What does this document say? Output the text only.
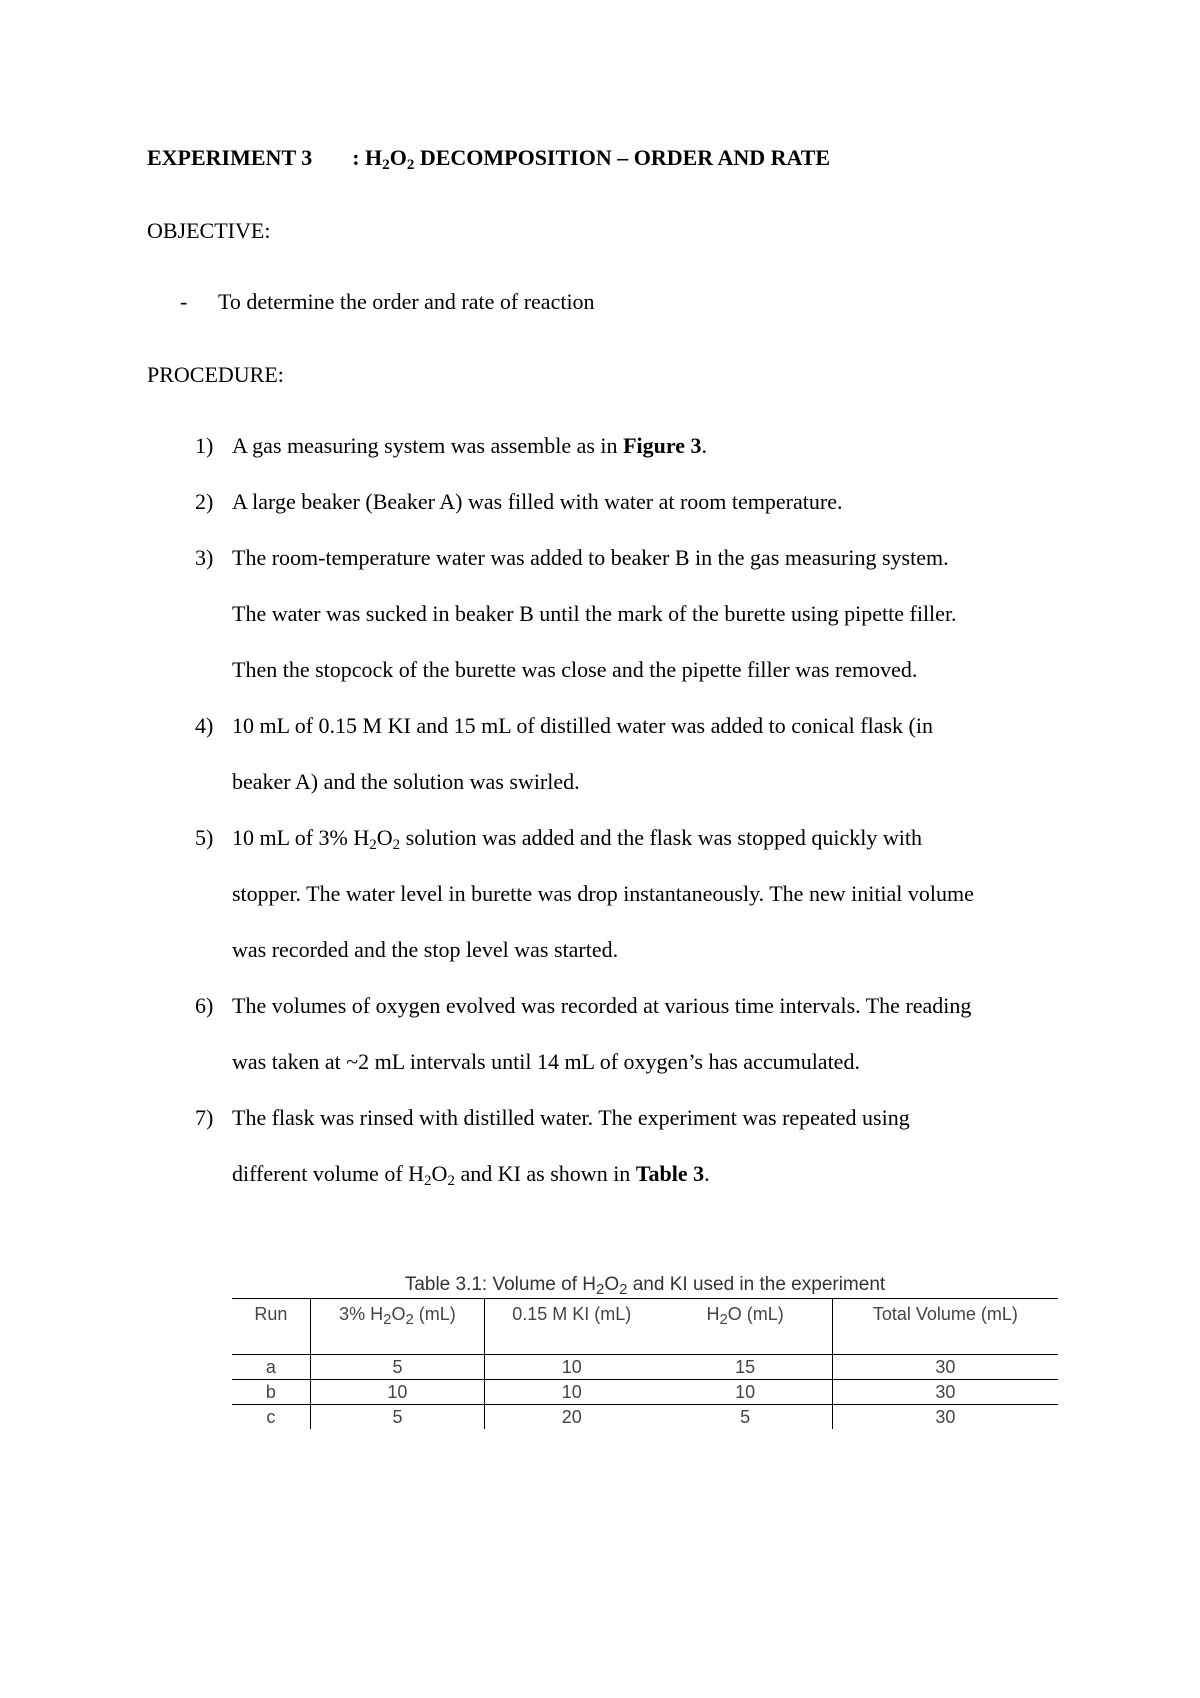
EXPERIMENT 3 : $H_2O_2$ DECOMPOSITION – ORDER AND RATE
OBJECTIVE:
- To determine the order and rate of reaction
PROCEDURE:
1) A gas measuring system was assemble as in Figure 3.
2) A large beaker (Beaker A) was filled with water at room temperature.
3) The room-temperature water was added to beaker B in the gas measuring system.
The water was sucked in beaker B until the mark of the burette using pipette filler.
Then the stopcock of the burette was close and the pipette filler was removed.
4) 10 mL of 0.15 M KI and 15 mL of distilled water was added to conical flask (in
beaker A) and the solution was swirled.
5) 10 mL of 3% $H_2O_2$ solution was added and the flask was stopped quickly with
stopper. The water level in burette was drop instantaneously. The new initial volume
was recorded and the stop level was started.
6) The volumes of oxygen evolved was recorded at various time intervals. The reading
was taken at ~2 mL intervals until 14 mL of oxygen’s has accumulated.
7) The flask was rinsed with distilled water. The experiment was repeated using
different volume of $H_2O_2$ and KI as shown in Table 3.
Table 3.1: Volume of $H_2O_2$ and KI used in the experiment
Run	3% $H_2O_2$ (mL)	0.15 M KI (mL)	$H_2O$ (mL)	Total Volume (mL)
a	5	10	15	30
b	10	10	10	30
c	5	20	5	30
